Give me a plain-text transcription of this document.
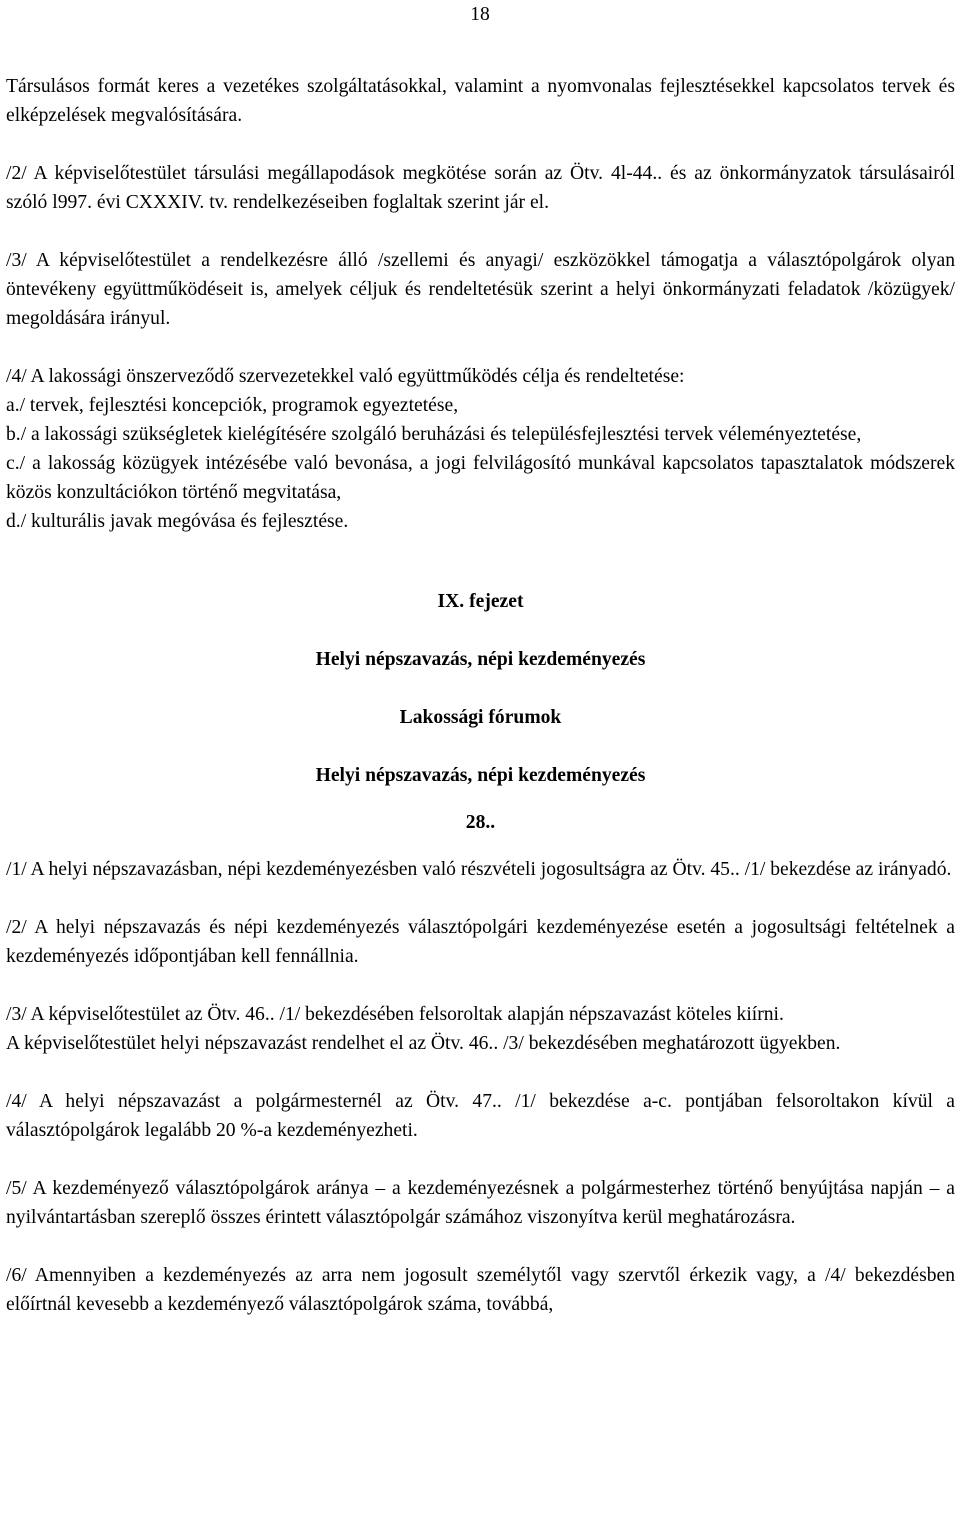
18

Társulásos formát keres a vezetékes szolgáltatásokkal, valamint a nyomvonalas fejlesztésekkel kapcsolatos tervek és elképzelések megvalósítására.

/2/ A képviselőtestület társulási megállapodások megkötése során az Ötv. 4l-44.. és az önkormányzatok társulásairól szóló l997. évi CXXXIV. tv. rendelkezéseiben foglaltak szerint jár el.

/3/ A képviselőtestület a rendelkezésre álló /szellemi és anyagi/ eszközökkel támogatja a választópolgárok olyan öntevékeny együttműködéseit is, amelyek céljuk és rendeltetésük szerint a helyi önkormányzati feladatok /közügyek/ megoldására irányul.

/4/ A lakossági önszerveződő szervezetekkel való együttműködés célja és rendeltetése:

a./ tervek, fejlesztési koncepciók, programok egyeztetése,

b./ a lakossági szükségletek kielégítésére szolgáló beruházási és településfejlesztési tervek véleményeztetése,

c./ a lakosság közügyek intézésébe való bevonása, a jogi felvilágosító munkával kapcsolatos tapasztalatok módszerek közös konzultációkon történő megvitatása,

d./ kulturális javak megóvása és fejlesztése.

IX. fejezet
Helyi népszavazás, népi kezdeményezés
Lakossági fórumok
Helyi népszavazás, népi kezdeményezés
28..

/1/ A helyi népszavazásban, népi kezdeményezésben való részvételi jogosultságra az Ötv. 45.. /1/ bekezdése az irányadó.

/2/ A helyi népszavazás és népi kezdeményezés választópolgári kezdeményezése esetén a jogosultsági feltételnek a kezdeményezés időpontjában kell fennállnia.

/3/ A képviselőtestület az Ötv. 46.. /1/ bekezdésében felsoroltak alapján népszavazást köteles kiírni.

A képviselőtestület helyi népszavazást rendelhet el az Ötv. 46.. /3/ bekezdésében meghatározott ügyekben.

/4/ A helyi népszavazást a polgármesternél az Ötv. 47.. /1/ bekezdése a-c. pontjában felsoroltakon kívül a választópolgárok legalább 20 %-a kezdeményezheti.

/5/ A kezdeményező választópolgárok aránya – a kezdeményezésnek a polgármesterhez történő benyújtása napján – a nyilvántartásban szereplő összes érintett választópolgár számához viszonyítva kerül meghatározásra.

/6/ Amennyiben a kezdeményezés az arra nem jogosult személytől vagy szervtől érkezik vagy, a /4/ bekezdésben előírtnál kevesebb a kezdeményező választópolgárok száma, továbbá,
